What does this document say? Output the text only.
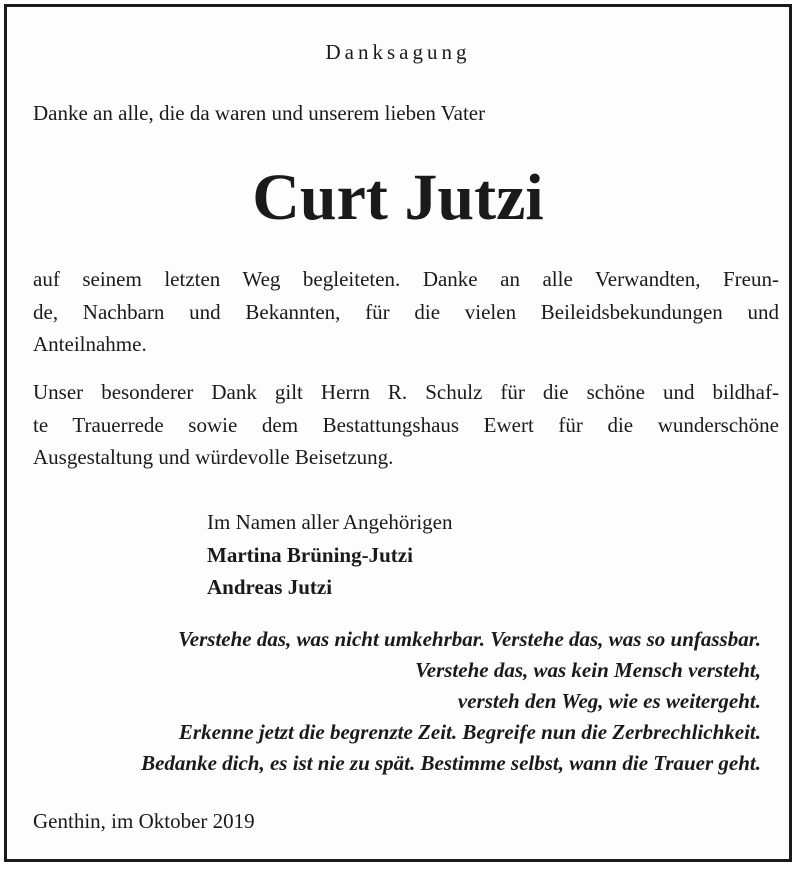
Danksagung
Danke an alle, die da waren und unserem lieben Vater
Curt Jutzi
auf seinem letzten Weg begleiteten. Danke an alle Verwandten, Freun-
de, Nachbarn und Bekannten, für die vielen Beileidsbekundungen und
Anteilnahme.
Unser besonderer Dank gilt Herrn R. Schulz für die schöne und bildhaf-
te Trauerrede sowie dem Bestattungshaus Ewert für die wunderschöne
Ausgestaltung und würdevolle Beisetzung.
Im Namen aller Angehörigen
Martina Brüning-Jutzi
Andreas Jutzi
Verstehe das, was nicht umkehrbar. Verstehe das, was so unfassbar.
Verstehe das, was kein Mensch versteht,
versteh den Weg, wie es weitergeht.
Erkenne jetzt die begrenzte Zeit. Begreife nun die Zerbrechlichkeit.
Bedanke dich, es ist nie zu spät. Bestimme selbst, wann die Trauer geht.
Genthin, im Oktober 2019
